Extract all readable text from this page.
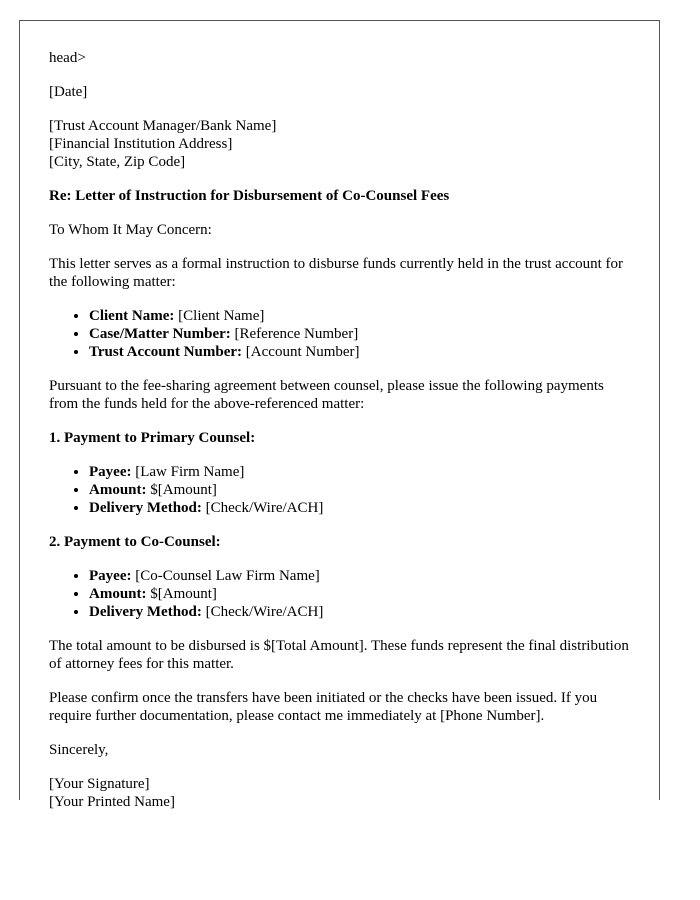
head>

[Date]

[Trust Account Manager/Bank Name]
[Financial Institution Address]
[City, State, Zip Code]

Re: Letter of Instruction for Disbursement of Co-Counsel Fees

To Whom It May Concern:

This letter serves as a formal instruction to disburse funds currently held in the trust account for the following matter:

• Client Name: [Client Name]
• Case/Matter Number: [Reference Number]
• Trust Account Number: [Account Number]

Pursuant to the fee-sharing agreement between counsel, please issue the following payments from the funds held for the above-referenced matter:

1. Payment to Primary Counsel:

• Payee: [Law Firm Name]
• Amount: $[Amount]
• Delivery Method: [Check/Wire/ACH]

2. Payment to Co-Counsel:

• Payee: [Co-Counsel Law Firm Name]
• Amount: $[Amount]
• Delivery Method: [Check/Wire/ACH]

The total amount to be disbursed is $[Total Amount]. These funds represent the final distribution of attorney fees for this matter.

Please confirm once the transfers have been initiated or the checks have been issued. If you require further documentation, please contact me immediately at [Phone Number].

Sincerely,

[Your Signature]
[Your Printed Name]
